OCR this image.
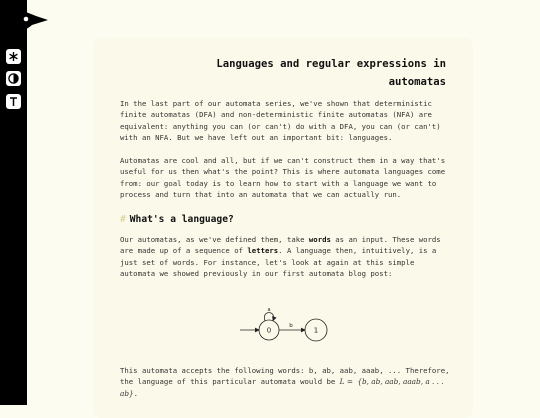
Languages and regular expressions in
automatas

In the last part of our automata series, we've shown that deterministic finite automatas (DFA) and non-deterministic finite automatas (NFA) are equivalent: anything you can (or can't) do with a DFA, you can (or can't) with an NFA. But we have left out an important bit: languages.

Automatas are cool and all, but if we can't construct them in a way that's useful for us then what's the point? This is where automata languages come from: our goal today is to learn how to start with a language we want to process and turn that into an automata that we can actually run.

# What's a language?

Our automatas, as we've defined them, take words as an input. These words are made up of a sequence of letters. A language then, intuitively, is a just set of words. For instance, let's look at again at this simple automata we showed previously in our first automata blog post:

0
a
b
1

This automata accepts the following words: b, ab, aab, aaab, ... Therefore, the language of this particular automata would be L = {b, ab, aab, aaab, a . . . ab}.
